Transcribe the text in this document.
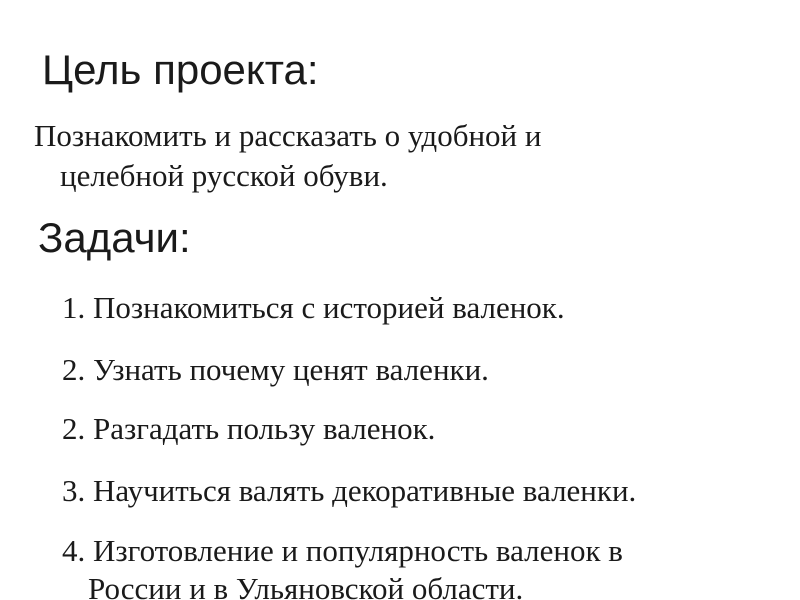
Цель проекта:

Познакомить и рассказать о удобной и
целебной русской обуви.

Задачи:
1. Познакомиться с историей валенок.
2. Узнать почему ценят валенки.
2. Разгадать пользу валенок.
3. Научиться валять декоративные валенки.
4. Изготовление и популярность валенок в
России и в Ульяновской области.
